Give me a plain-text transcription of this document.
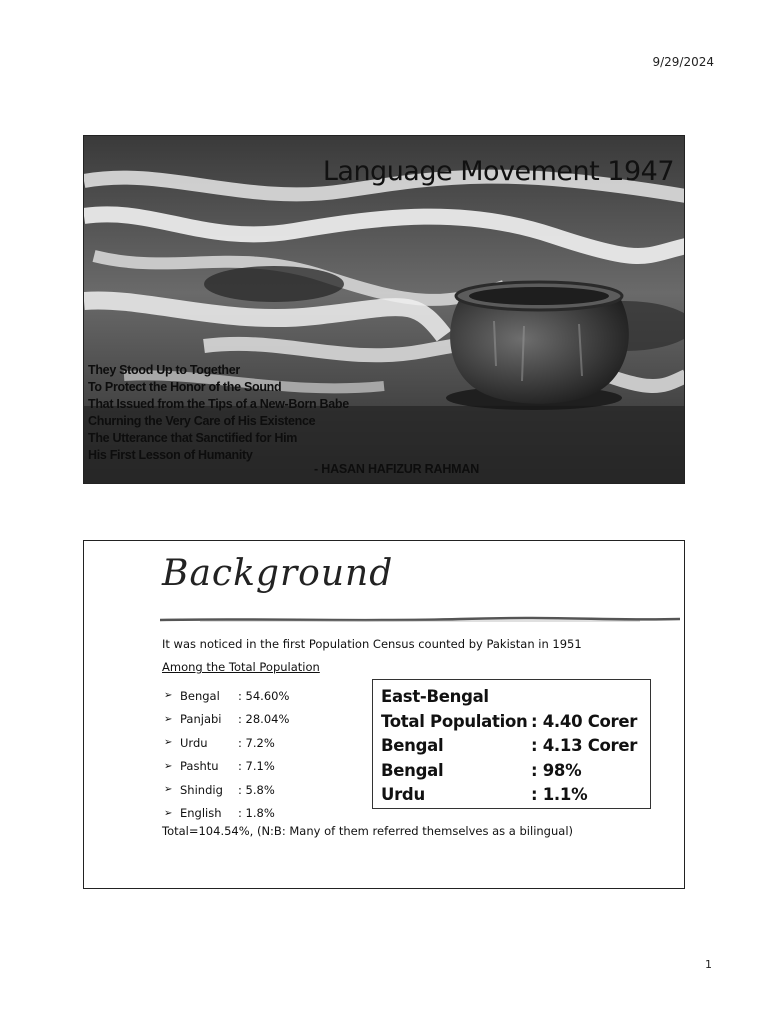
9/29/2024
Language Movement 1947
They Stood Up to Together
To Protect the Honor of the Sound
That Issued from the Tips of a New-Born Babe
Churning the Very Care of His Existence
The Utterance that Sanctified for Him
His First Lesson of Humanity
- HASAN HAFIZUR RAHMAN
Background
It was noticed in the first Population Census counted by Pakistan in 1951
Among the Total Population
➢ Bengal	: 54.60%
➢ Panjabi	: 28.04%
➢ Urdu	: 7.2%
➢ Pashtu	: 7.1%
➢ Shindig	: 5.8%
➢ English	: 1.8%
Total=104.54%, (N:B: Many of them referred themselves as a bilingual)
East-Bengal
Total Population : 4.40 Corer
Bengal	: 4.13 Corer
Bengal	: 98%
Urdu	: 1.1%
1
